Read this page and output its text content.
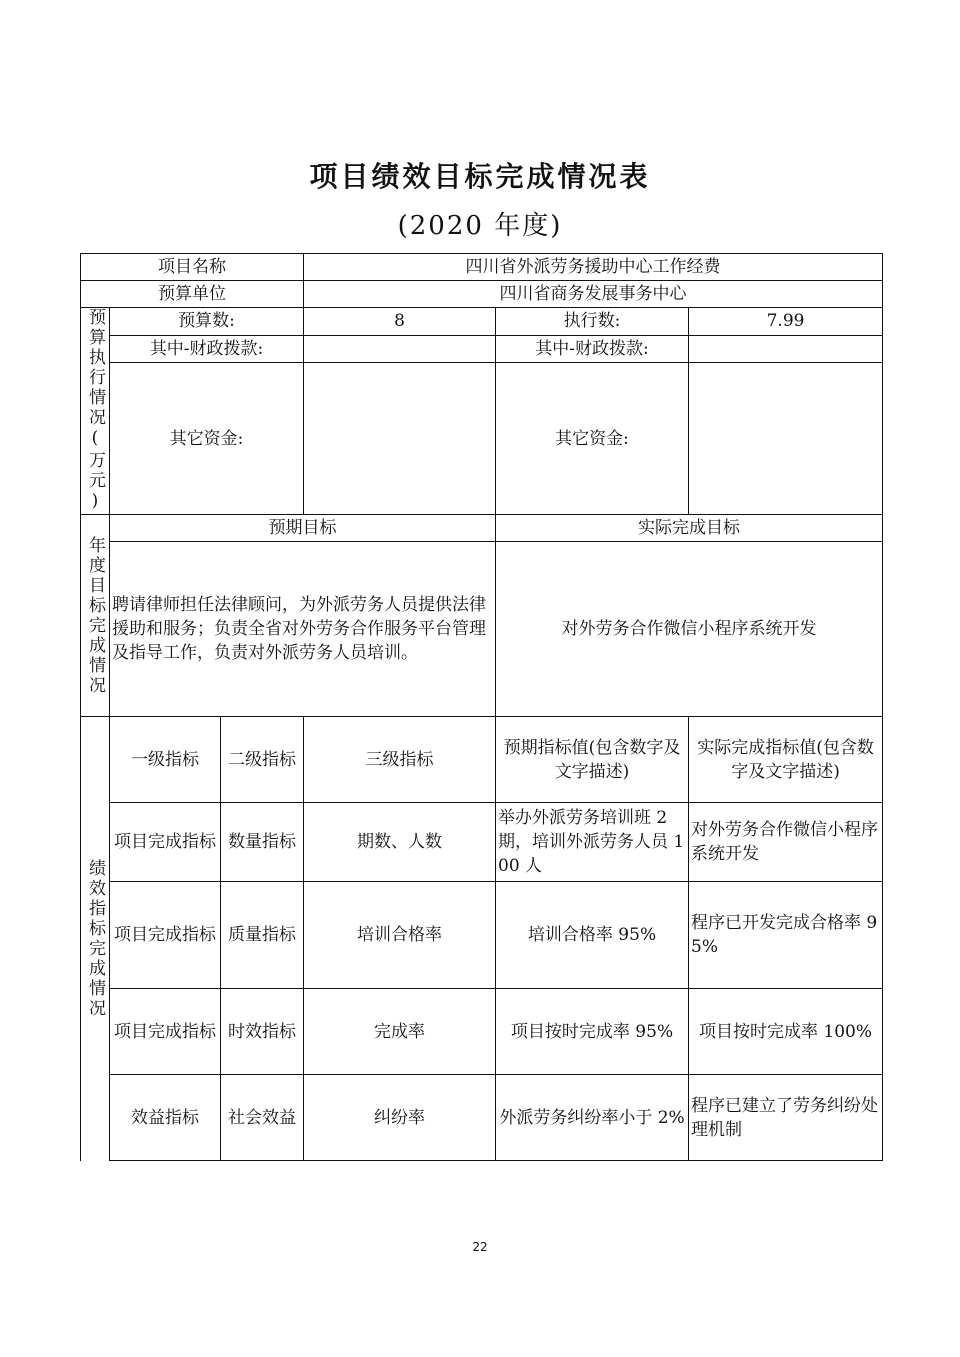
项目绩效目标完成情况表
(2020 年度)
项目名称			四川省外派劳务援助中心工作经费		
预算单位			四川省商务发展事务中心		

预算执行情况(万元)	预算数:		8	执行数:	7.99
	其中-财政拨款:			其中-财政拨款:	
	其它资金:			其它资金:	

年度目标完成情况	预期目标			实际完成目标	
	聘请律师担任法律顾问，为外派劳务人员提供法律援助和服务；负责全省对外劳务合作服务平台管理及指导工作，负责对外派劳务人员培训。			对外劳务合作微信小程序系统开发	

绩效指标完成情况	一级指标	二级指标	三级指标	预期指标值(包含数字及文字描述)	实际完成指标值(包含数字及文字描述)
	项目完成指标	数量指标	期数、人数	举办外派劳务培训班 2 期，培训外派劳务人员 100 人	对外劳务合作微信小程序系统开发
	项目完成指标	质量指标	培训合格率	培训合格率 95%	程序已开发完成合格率 95%
	项目完成指标	时效指标	完成率	项目按时完成率 95%	项目按时完成率 100%
	效益指标	社会效益	纠纷率	外派劳务纠纷率小于 2%	程序已建立了劳务纠纷处理机制
22
